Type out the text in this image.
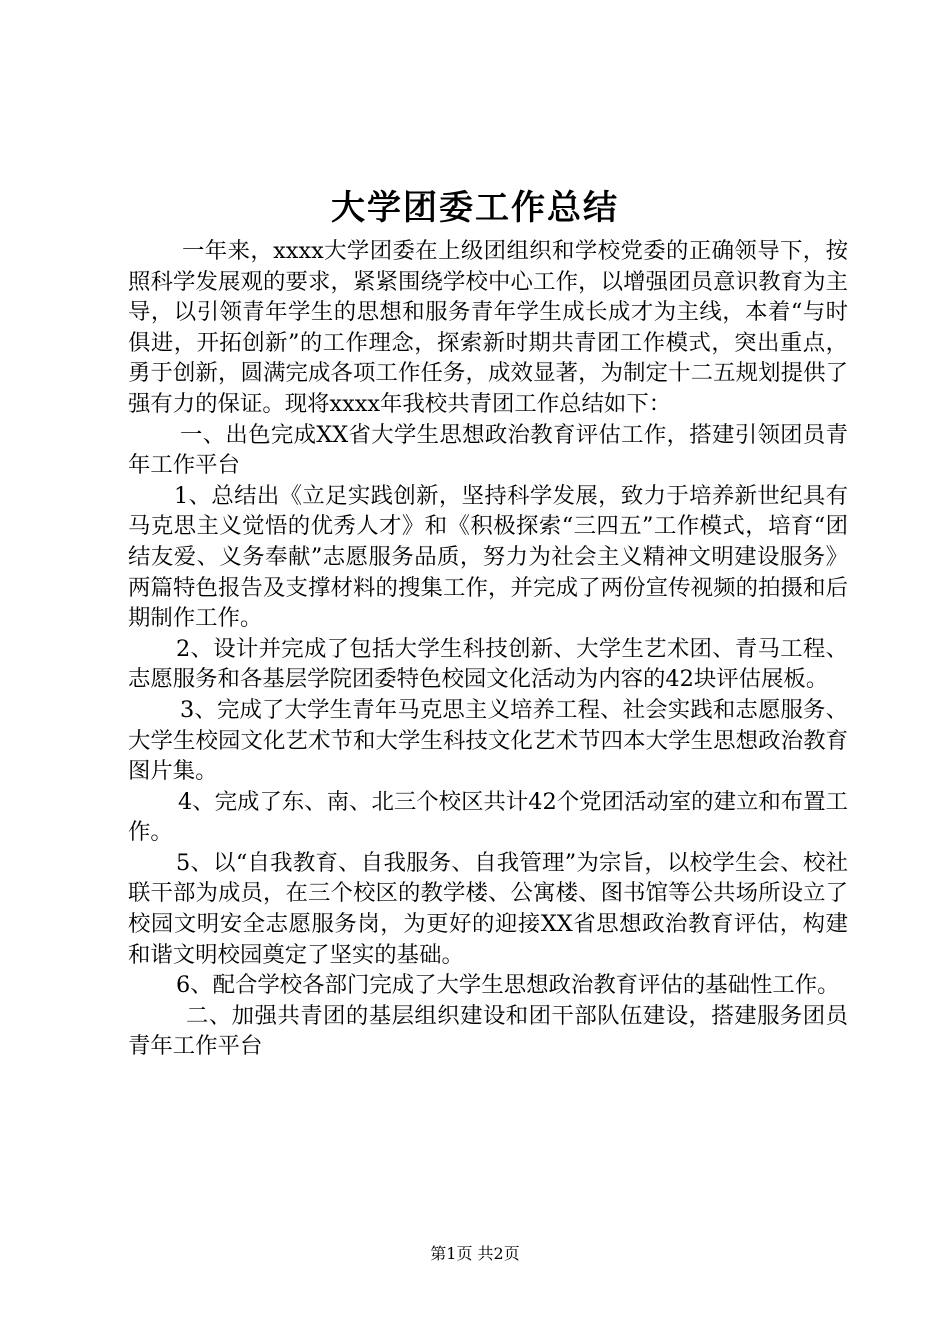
大学团委工作总结

一年来，xxxx大学团委在上级团组织和学校党委的正确领导下，按照科学发展观的要求，紧紧围绕学校中心工作，以增强团员意识教育为主导，以引领青年学生的思想和服务青年学生成长成才为主线，本着“与时俱进，开拓创新”的工作理念，探索新时期共青团工作模式，突出重点，勇于创新，圆满完成各项工作任务，成效显著，为制定十二五规划提供了强有力的保证。现将xxxx年我校共青团工作总结如下：

一、出色完成XX省大学生思想政治教育评估工作，搭建引领团员青年工作平台

1、总结出《立足实践创新，坚持科学发展，致力于培养新世纪具有马克思主义觉悟的优秀人才》和《积极探索“三四五”工作模式，培育“团结友爱、义务奉献”志愿服务品质，努力为社会主义精神文明建设服务》两篇特色报告及支撑材料的搜集工作，并完成了两份宣传视频的拍摄和后期制作工作。

2、设计并完成了包括大学生科技创新、大学生艺术团、青马工程、志愿服务和各基层学院团委特色校园文化活动为内容的42块评估展板。

3、完成了大学生青年马克思主义培养工程、社会实践和志愿服务、大学生校园文化艺术节和大学生科技文化艺术节四本大学生思想政治教育图片集。

4、完成了东、南、北三个校区共计42个党团活动室的建立和布置工作。

5、以“自我教育、自我服务、自我管理”为宗旨，以校学生会、校社联干部为成员，在三个校区的教学楼、公寓楼、图书馆等公共场所设立了校园文明安全志愿服务岗，为更好的迎接XX省思想政治教育评估，构建和谐文明校园奠定了坚实的基础。

6、配合学校各部门完成了大学生思想政治教育评估的基础性工作。

二、加强共青团的基层组织建设和团干部队伍建设，搭建服务团员青年工作平台

第1页 共2页
